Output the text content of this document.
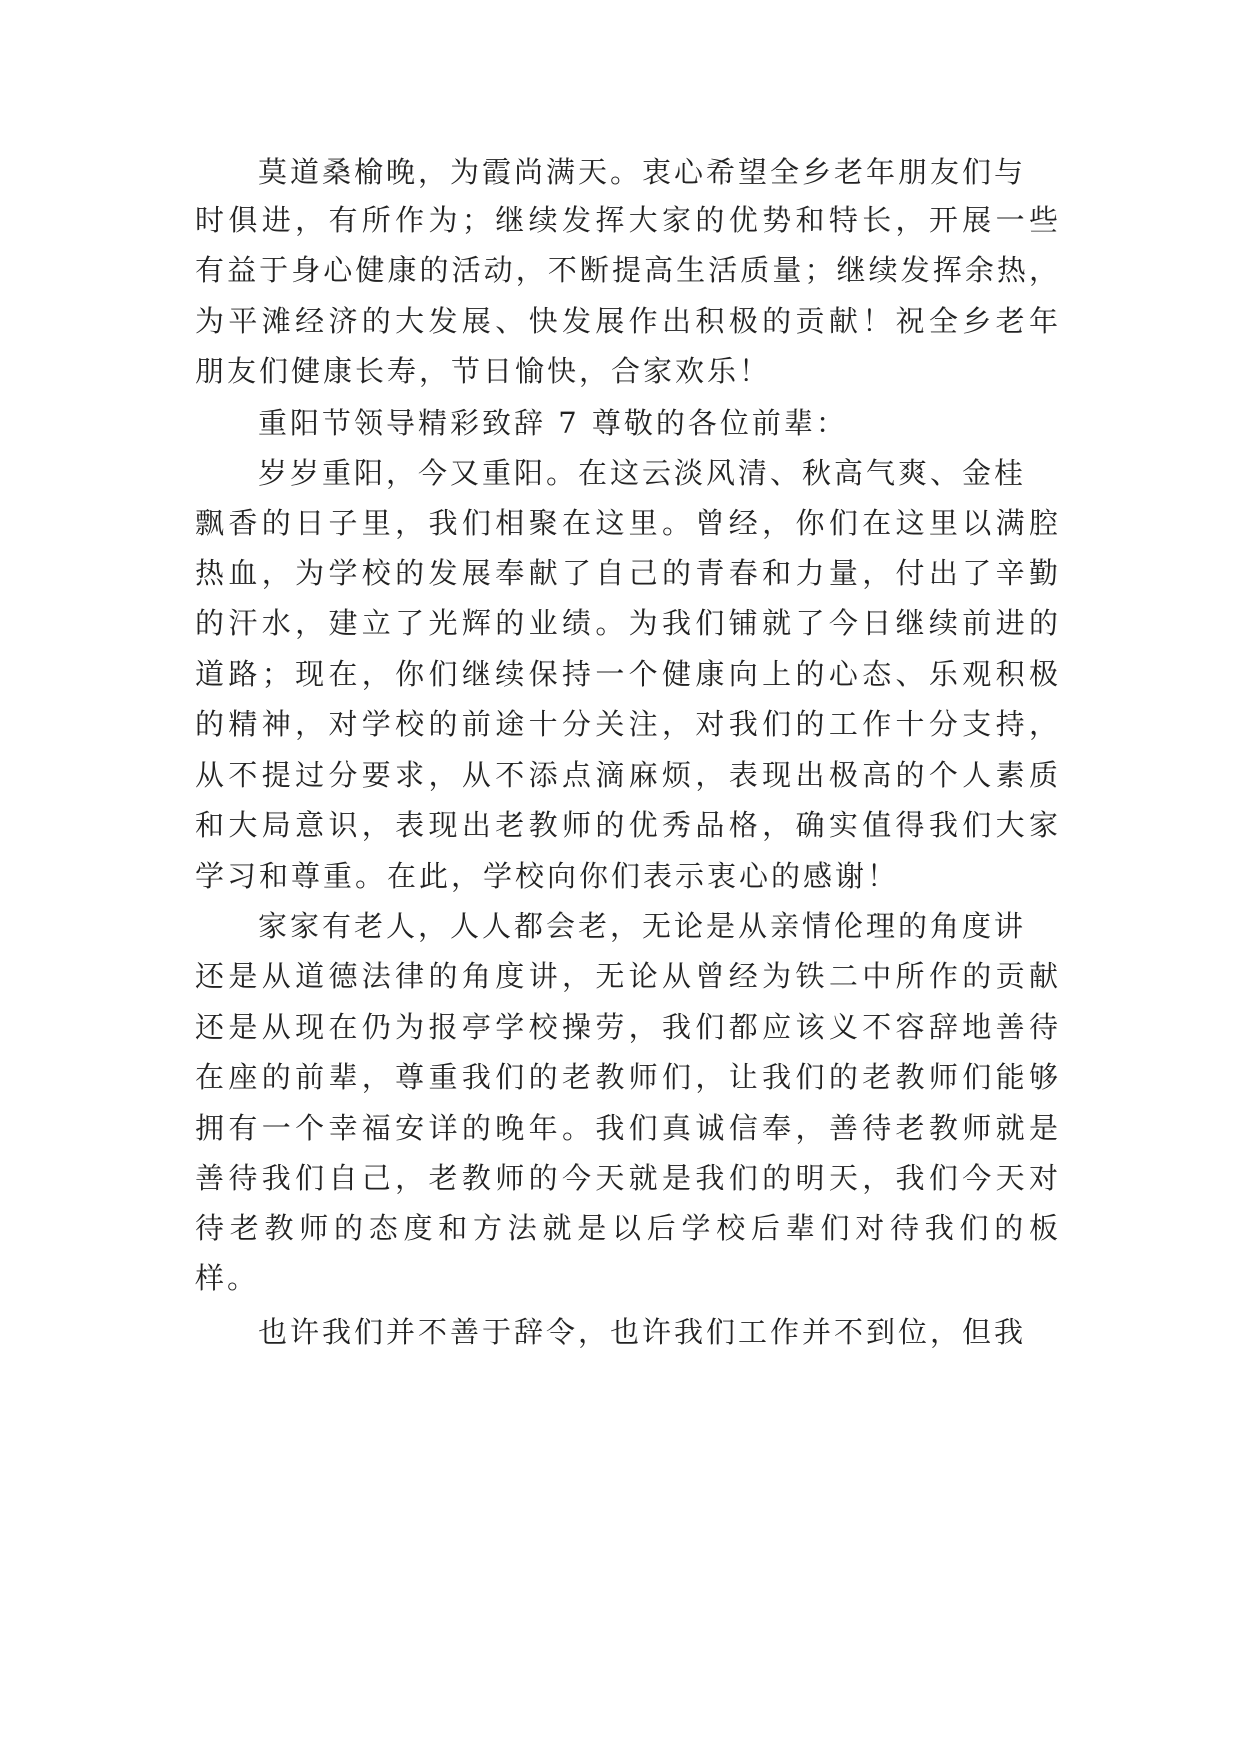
莫道桑榆晚，为霞尚满天。衷心希望全乡老年朋友们与
时俱进，有所作为；继续发挥大家的优势和特长，开展一些
有益于身心健康的活动，不断提高生活质量；继续发挥余热，
为平滩经济的大发展、快发展作出积极的贡献！祝全乡老年
朋友们健康长寿，节日愉快，合家欢乐！
重阳节领导精彩致辞 7 尊敬的各位前辈：
岁岁重阳，今又重阳。在这云淡风清、秋高气爽、金桂
飘香的日子里，我们相聚在这里。曾经，你们在这里以满腔
热血，为学校的发展奉献了自己的青春和力量，付出了辛勤
的汗水，建立了光辉的业绩。为我们铺就了今日继续前进的
道路；现在，你们继续保持一个健康向上的心态、乐观积极
的精神，对学校的前途十分关注，对我们的工作十分支持，
从不提过分要求，从不添点滴麻烦，表现出极高的个人素质
和大局意识，表现出老教师的优秀品格，确实值得我们大家
学习和尊重。在此，学校向你们表示衷心的感谢！
家家有老人，人人都会老，无论是从亲情伦理的角度讲
还是从道德法律的角度讲，无论从曾经为铁二中所作的贡献
还是从现在仍为报亭学校操劳，我们都应该义不容辞地善待
在座的前辈，尊重我们的老教师们，让我们的老教师们能够
拥有一个幸福安详的晚年。我们真诚信奉，善待老教师就是
善待我们自己，老教师的今天就是我们的明天，我们今天对
待老教师的态度和方法就是以后学校后辈们对待我们的板
样。
也许我们并不善于辞令，也许我们工作并不到位，但我
